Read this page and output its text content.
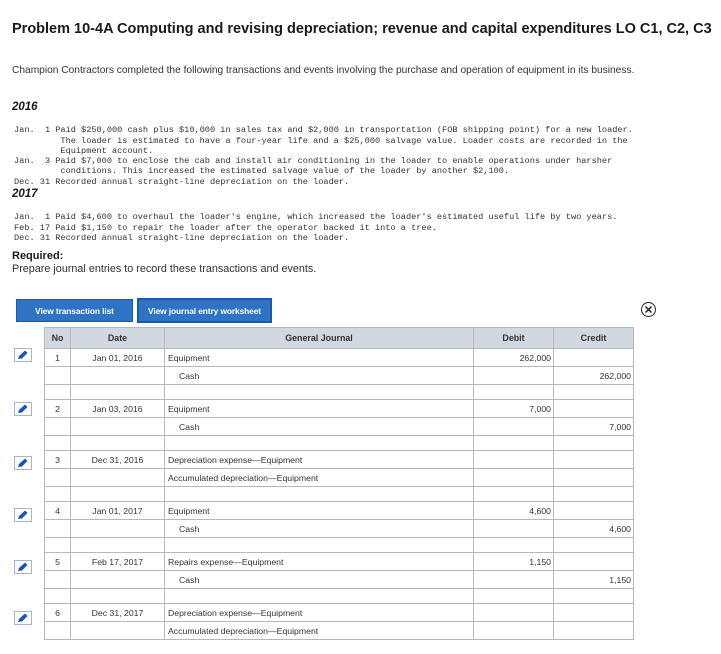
Problem 10-4A Computing and revising depreciation; revenue and capital expenditures LO C1, C2, C3
Champion Contractors completed the following transactions and events involving the purchase and operation of equipment in its business.
2016

Jan.  1 Paid $250,000 cash plus $10,000 in sales tax and $2,000 in transportation (FOB shipping point) for a new loader.
The loader is estimated to have a four-year life and a $25,000 salvage value. Loader costs are recorded in the
Equipment account.
Jan.  3 Paid $7,000 to enclose the cab and install air conditioning in the loader to enable operations under harsher
conditions. This increased the estimated salvage value of the loader by another $2,100.
Dec. 31 Recorded annual straight-line depreciation on the loader.

2017

Jan.  1 Paid $4,600 to overhaul the loader's engine, which increased the loader's estimated useful life by two years.
Feb. 17 Paid $1,150 to repair the loader after the operator backed it into a tree.
Dec. 31 Recorded annual straight-line depreciation on the loader.

Required:
Prepare journal entries to record these transactions and events.
View transaction list	View journal entry worksheet
No	Date	General Journal	Debit	Credit
1	Jan 01, 2016	Equipment	262,000	
		Cash		262,000

2	Jan 03, 2016	Equipment	7,000	
		Cash		7,000

3	Dec 31, 2016	Depreciation expense—Equipment		
		Accumulated depreciation—Equipment		

4	Jan 01, 2017	Equipment	4,600	
		Cash		4,600

5	Feb 17, 2017	Repairs expense—Equipment	1,150	
		Cash		1,150

6	Dec 31, 2017	Depreciation expense—Equipment		
		Accumulated depreciation—Equipment		
